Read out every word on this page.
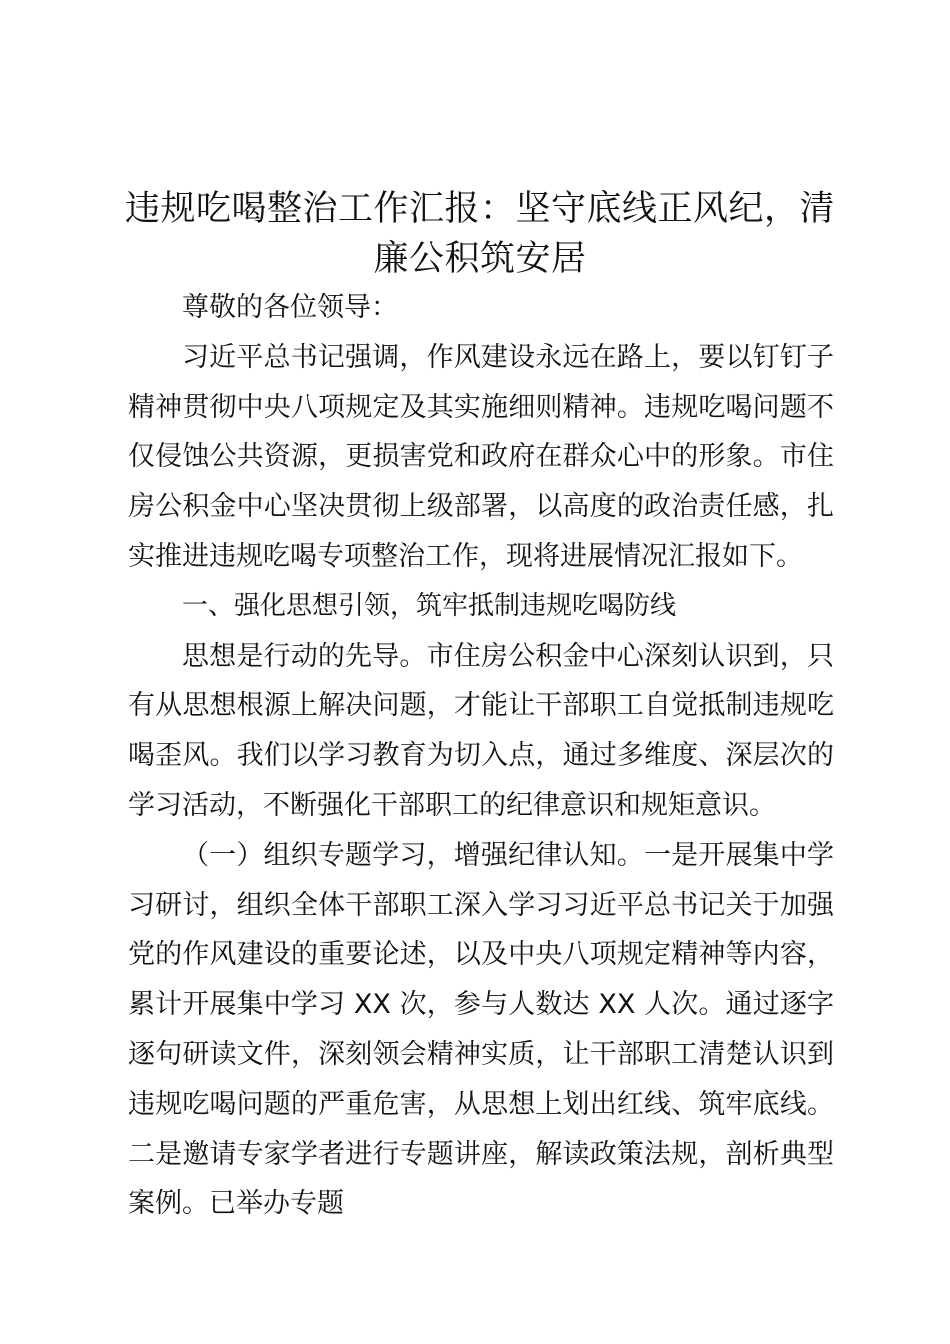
违规吃喝整治工作汇报：坚守底线正风纪，清廉公积筑安居

尊敬的各位领导：

习近平总书记强调，作风建设永远在路上，要以钉钉子精神贯彻中央八项规定及其实施细则精神。违规吃喝问题不仅侵蚀公共资源，更损害党和政府在群众心中的形象。市住房公积金中心坚决贯彻上级部署，以高度的政治责任感，扎实推进违规吃喝专项整治工作，现将进展情况汇报如下。

一、强化思想引领，筑牢抵制违规吃喝防线

思想是行动的先导。市住房公积金中心深刻认识到，只有从思想根源上解决问题，才能让干部职工自觉抵制违规吃喝歪风。我们以学习教育为切入点，通过多维度、深层次的学习活动，不断强化干部职工的纪律意识和规矩意识。

（一）组织专题学习，增强纪律认知。一是开展集中学习研讨，组织全体干部职工深入学习习近平总书记关于加强党的作风建设的重要论述，以及中央八项规定精神等内容，累计开展集中学习 XX 次，参与人数达 XX 人次。通过逐字逐句研读文件，深刻领会精神实质，让干部职工清楚认识到违规吃喝问题的严重危害，从思想上划出红线、筑牢底线。二是邀请专家学者进行专题讲座，解读政策法规，剖析典型案例。已举办专题
